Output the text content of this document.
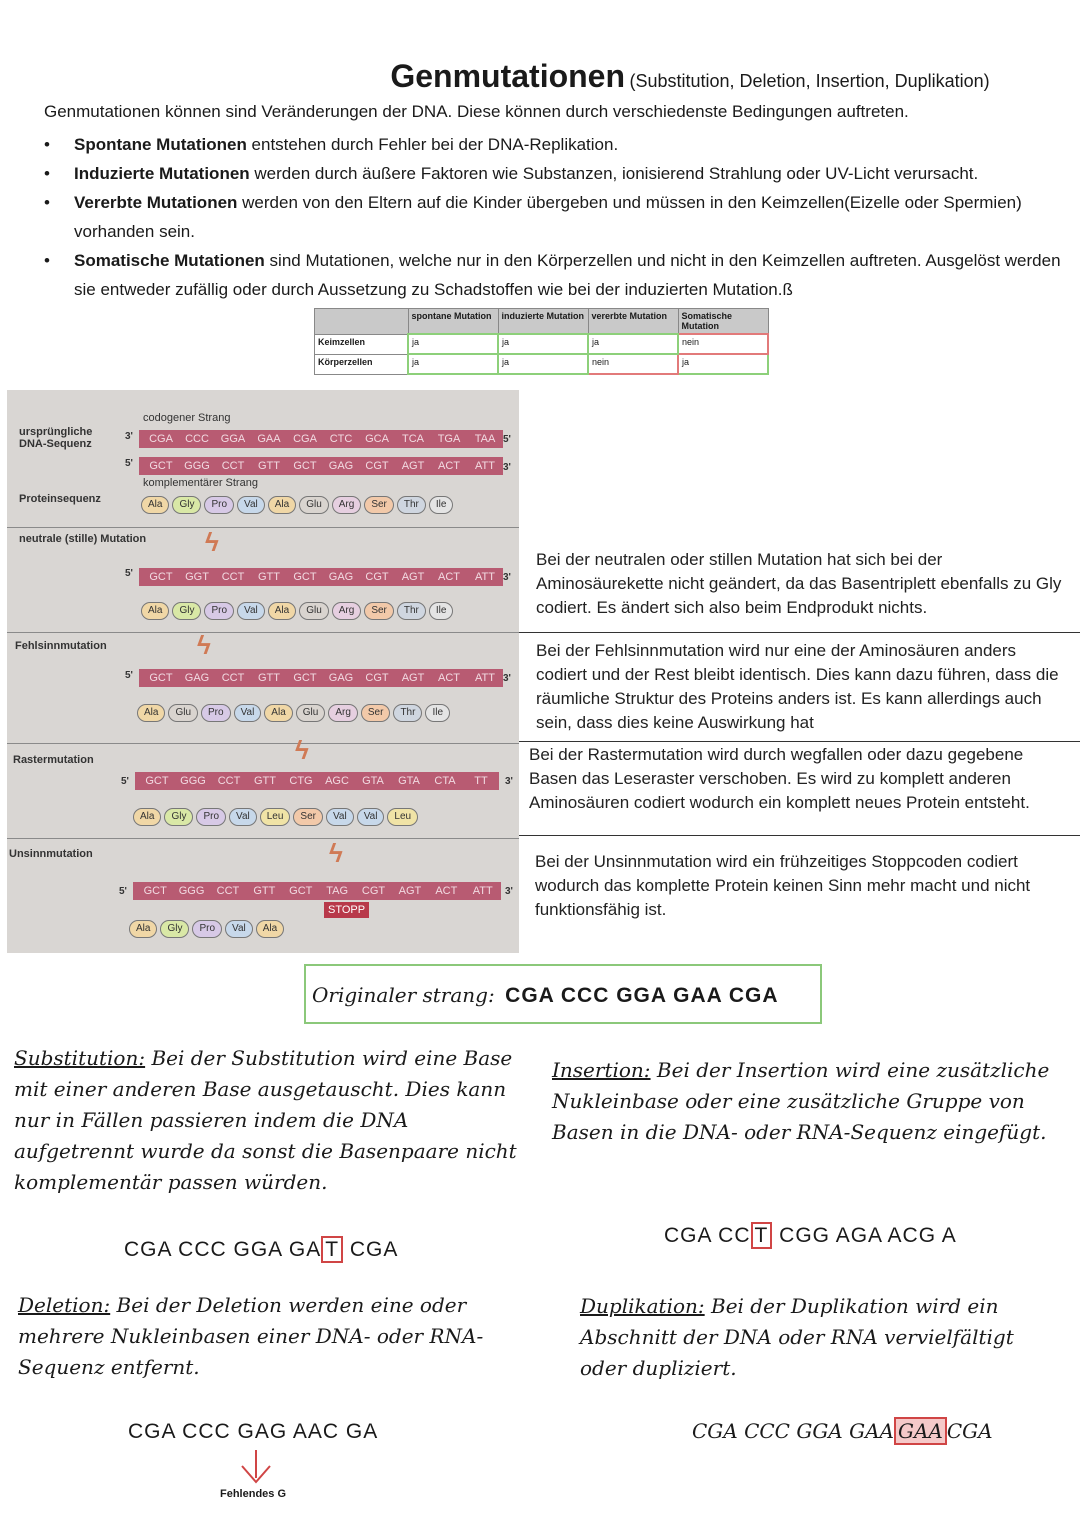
Genmutationen (Substitution, Deletion, Insertion, Duplikation)
Genmutationen können sind Veränderungen der DNA. Diese können durch verschiedenste Bedingungen auftreten.
• Spontane Mutationen entstehen durch Fehler bei der DNA-Replikation.
• Induzierte Mutationen werden durch äußere Faktoren wie Substanzen, ionisierend Strahlung oder UV-Licht verursacht.
• Vererbte Mutationen werden von den Eltern auf die Kinder übergeben und müssen in den Keimzellen(Eizelle oder Spermien) vorhanden sein.
• Somatische Mutationen sind Mutationen, welche nur in den Körperzellen und nicht in den Keimzellen auftreten. Ausgelöst werden sie entweder zufällig oder durch Aussetzung zu Schadstoffen wie bei der induzierten Mutation.ß
	spontane Mutation	induzierte Mutation	vererbte Mutation	Somatische Mutation
Keimzellen	ja	ja	ja	nein
Körperzellen	ja	ja	nein	ja
codogener Strang
ursprüngliche DNA-Sequenz
3'	CGA	CCC	GGA	GAA	CGA	CTC	GCA	TCA	TGA	TAA 5'
5'	GCT	GGG	CCT	GTT	GCT	GAG	CGT	AGT	ACT	ATT 3'
komplementärer Strang
Proteinsequenz	Ala	Gly	Pro	Val	Ala	Glu	Arg	Ser	Thr	Ile
neutrale (stille) Mutation ϟ
5'	GCT	GGT	CCT	GTT	GCT	GAG	CGT	AGT	ACT	ATT 3'
Ala	Gly	Pro	Val	Ala	Glu	Arg	Ser	Thr	Ile
Fehlsinnmutation	ϟ
5'	GCT	GAG	CCT	GTT	GCT	GAG	CGT	AGT	ACT	ATT 3'
Ala	Glu	Pro	Val	Ala	Glu	Arg	Ser	Thr	Ile
Rastermutation	ϟ
5'	GCT	GGG	CCT	GTT	CTG	AGC	GTA	GTA	CTA	TT	3'
Ala	Gly	Pro	Val	Leu	Ser	Val	Val	Leu
Unsinnmutation	ϟ
5'	GCT	GGG	CCT	GTT	GCT	TAG	CGT	AGT	ACT	ATT	3'
STOPP
Ala	Gly	Pro	Val	Ala
Bei der neutralen oder stillen Mutation hat sich bei der Aminosäurekette nicht geändert, da das Basentriplett ebenfalls zu Gly codiert. Es ändert sich also beim Endprodukt nichts.
Bei der Fehlsinnmutation wird nur eine der Aminosäuren anders codiert und der Rest bleibt identisch. Dies kann dazu führen, dass die räumliche Struktur des Proteins anders ist. Es kann allerdings auch sein, dass dies keine Auswirkung hat
Bei der Rastermutation wird durch wegfallen oder dazu gegebene Basen das Leseraster verschoben. Es wird zu komplett anderen Aminosäuren codiert wodurch ein komplett neues Protein entsteht.
Bei der Unsinnmutation wird ein frühzeitiges Stoppcoden codiert wodurch das komplette Protein keinen Sinn mehr macht und nicht funktionsfähig ist.
Originaler strang: CGA CCC GGA GAA CGA
Substitution: Bei der Substitution wird eine Base mit einer anderen Base ausgetauscht. Dies kann nur in Fällen passieren indem die DNA aufgetrennt wurde da sonst die Basenpaare nicht komplementär passen würden.
CGA CCC GGA GA T CGA
Insertion: Bei der Insertion wird eine zusätzliche Nukleinbase oder eine zusätzliche Gruppe von Basen in die DNA- oder RNA-Sequenz eingefügt.
CGA CC T CGG AGA ACG A
Deletion: Bei der Deletion werden eine oder mehrere Nukleinbasen einer DNA- oder RNA-Sequenz entfernt.
CGA CCC GAG AAC GA
Fehlendes G
Duplikation: Bei der Duplikation wird ein Abschnitt der DNA oder RNA vervielfältigt oder dupliziert.
CGA CCC GGA GAA GAA CGA
